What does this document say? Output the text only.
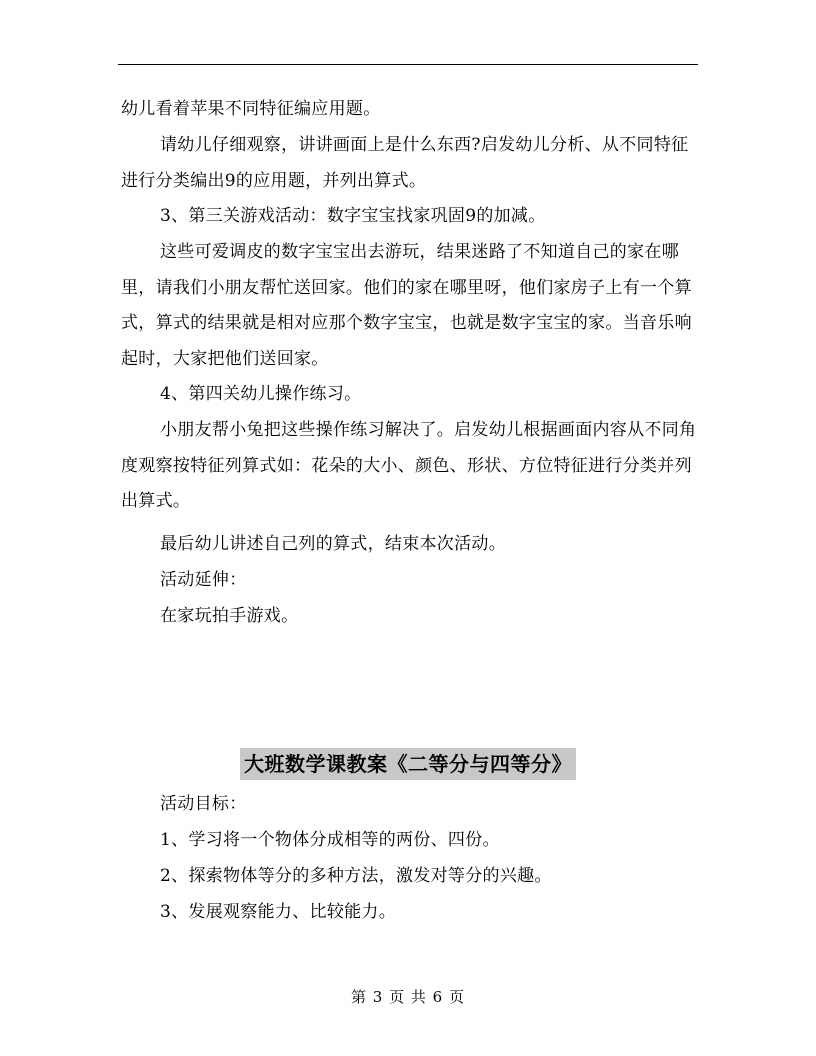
幼儿看着苹果不同特征编应用题。

请幼儿仔细观察，讲讲画面上是什么东西?启发幼儿分析、从不同特征进行分类编出9的应用题，并列出算式。

3、第三关游戏活动：数字宝宝找家巩固9的加减。

这些可爱调皮的数字宝宝出去游玩，结果迷路了不知道自己的家在哪里，请我们小朋友帮忙送回家。他们的家在哪里呀，他们家房子上有一个算式，算式的结果就是相对应那个数字宝宝，也就是数字宝宝的家。当音乐响起时，大家把他们送回家。

4、第四关幼儿操作练习。

小朋友帮小兔把这些操作练习解决了。启发幼儿根据画面内容从不同角度观察按特征列算式如：花朵的大小、颜色、形状、方位特征进行分类并列出算式。

最后幼儿讲述自己列的算式，结束本次活动。

活动延伸：

在家玩拍手游戏。

大班数学课教案《二等分与四等分》

活动目标：

1、学习将一个物体分成相等的两份、四份。

2、探索物体等分的多种方法，激发对等分的兴趣。

3、发展观察能力、比较能力。

第 3 页 共 6 页
